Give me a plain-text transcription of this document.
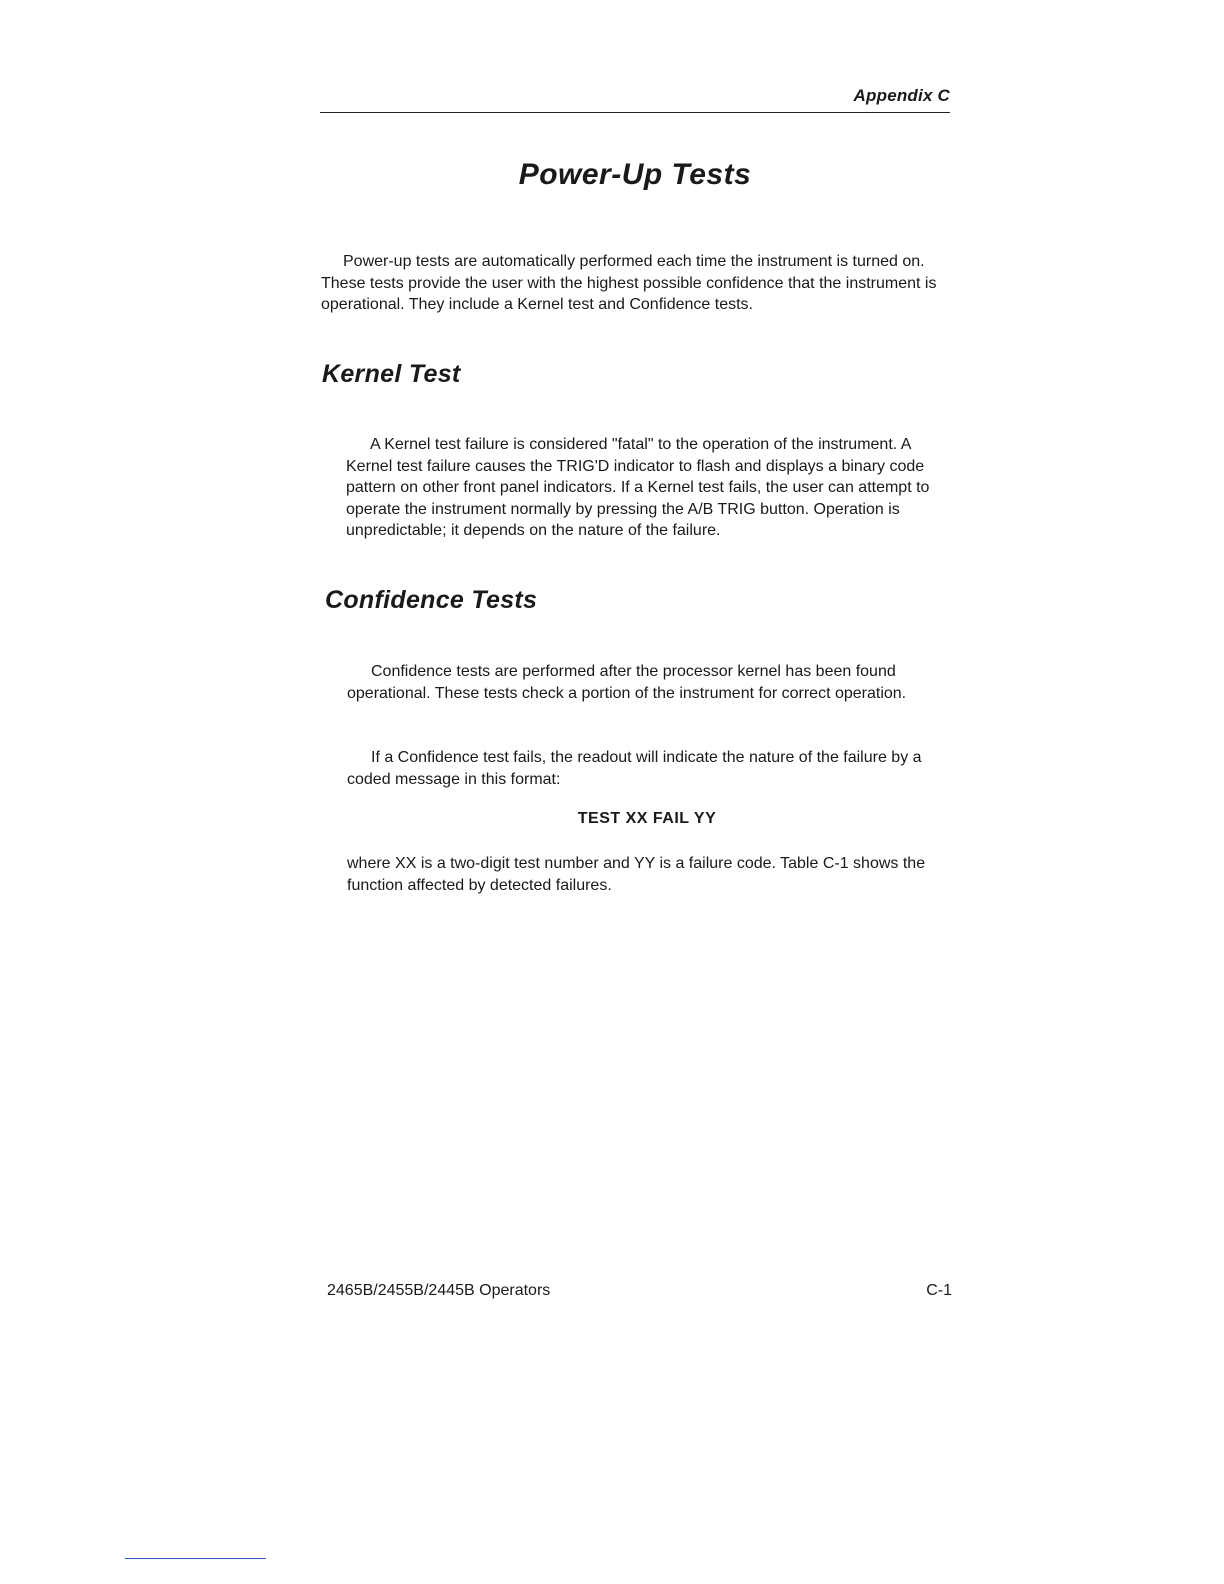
Appendix C
Power-Up Tests
Power-up tests are automatically performed each time the instrument is turned on. These tests provide the user with the highest possible confidence that the instrument is operational. They include a Kernel test and Confidence tests.
Kernel Test
A Kernel test failure is considered "fatal" to the operation of the instrument. A Kernel test failure causes the TRIG'D indicator to flash and displays a binary code pattern on other front panel indicators. If a Kernel test fails, the user can attempt to operate the instrument normally by pressing the A/B TRIG button. Operation is unpredictable; it depends on the nature of the failure.
Confidence Tests
Confidence tests are performed after the processor kernel has been found operational. These tests check a portion of the instrument for correct operation.
If a Confidence test fails, the readout will indicate the nature of the failure by a coded message in this format:
TEST XX FAIL YY
where XX is a two-digit test number and YY is a failure code. Table C-1 shows the function affected by detected failures.
2465B/2455B/2445B Operators	C-1
